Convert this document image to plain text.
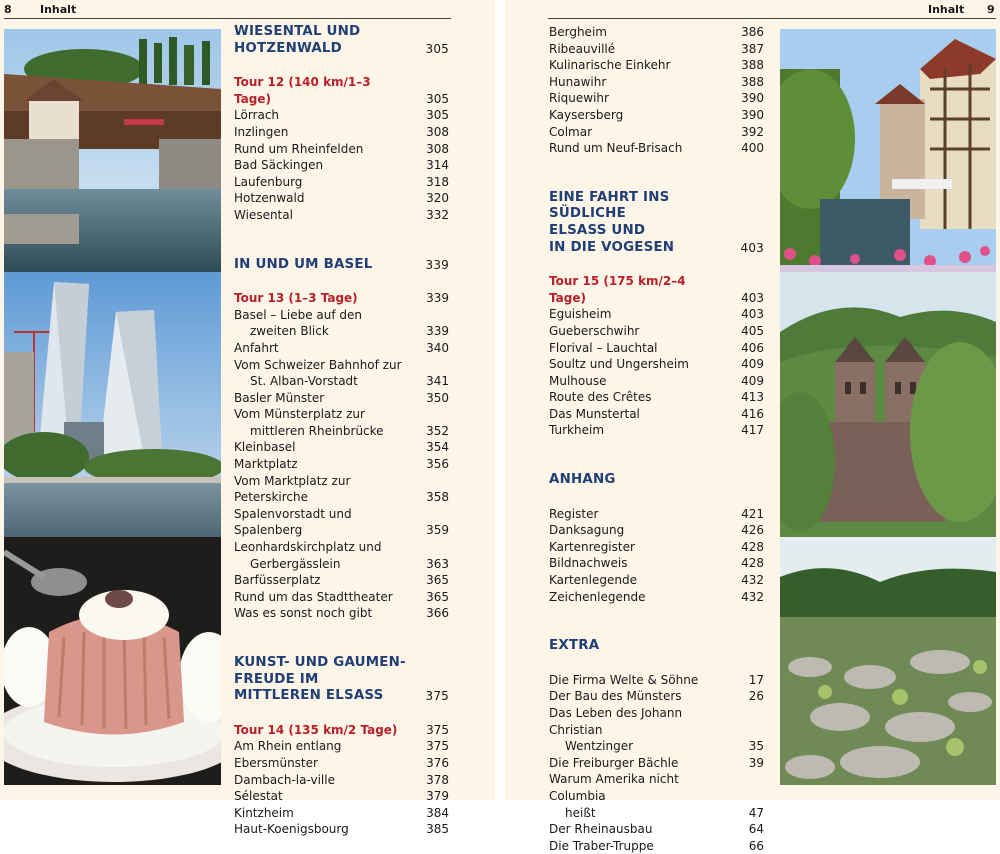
8	Inhalt	Inhalt 9
WIESENTAL UND
HOTZENWALD	305
Tour 12 (140 km/1–3 Tage)	305
Lörrach	305
Inzlingen	308
Rund um Rheinfelden	308
Bad Säckingen	314
Laufenburg	318
Hotzenwald	320
Wiesental	332
IN UND UM BASEL	339
Tour 13 (1–3 Tage)	339
Basel – Liebe auf den
zweiten Blick	339
Anfahrt	340
Vom Schweizer Bahnhof zur
St. Alban-Vorstadt	341
Basler Münster	350
Vom Münsterplatz zur
mittleren Rheinbrücke	352
Kleinbasel	354
Marktplatz	356
Vom Marktplatz zur Peterskirche	358
Spalenvorstadt und Spalenberg	359
Leonhardskirchplatz und
Gerbergässlein	363
Barfüsserplatz	365
Rund um das Stadttheater	365
Was es sonst noch gibt	366
KUNST- UND GAUMEN-
FREUDE IM
MITTLEREN ELSASS	375
Tour 14 (135 km/2 Tage)	375
Am Rhein entlang	375
Ebersmünster	376
Dambach-la-ville	378
Sélestat	379
Kintzheim	384
Haut-Koenigsbourg	385
Bergheim	386
Ribeauvillé	387
Kulinarische Einkehr	388
Hunawihr	388
Riquewihr	390
Kaysersberg	390
Colmar	392
Rund um Neuf-Brisach	400
EINE FAHRT INS SÜDLICHE
ELSASS UND
IN DIE VOGESEN	403
Tour 15 (175 km/2–4 Tage)	403
Eguisheim	403
Gueberschwihr	405
Florival – Lauchtal	406
Soultz und Ungersheim	409
Mulhouse	409
Route des Crêtes	413
Das Munstertal	416
Turkheim	417
ANHANG
Register	421
Danksagung	426
Kartenregister	428
Bildnachweis	428
Kartenlegende	432
Zeichenlegende	432
EXTRA
Die Firma Welte & Söhne	17
Der Bau des Münsters	26
Das Leben des Johann Christian
Wentzinger	35
Die Freiburger Bächle	39
Warum Amerika nicht Columbia
heißt	47
Der Rheinausbau	64
Die Traber-Truppe	66
